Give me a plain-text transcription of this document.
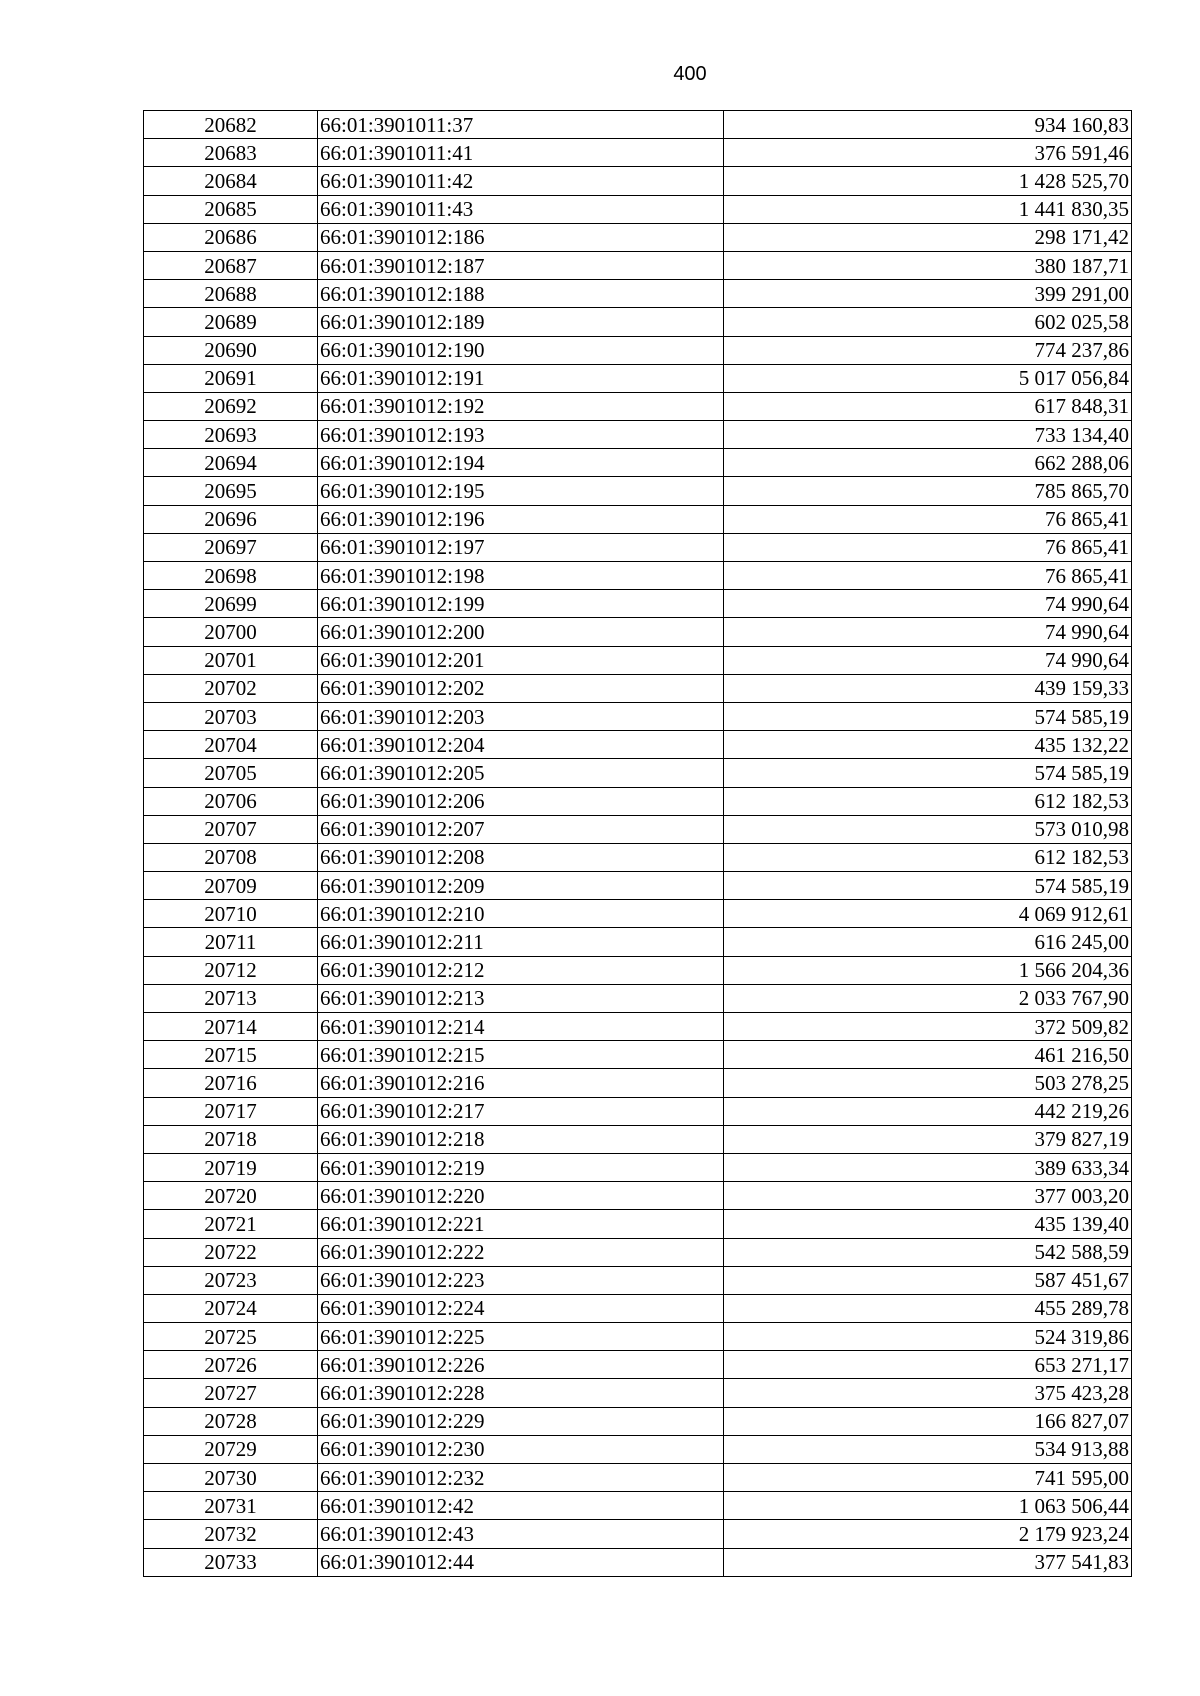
400
20682	66:01:3901011:37	934 160,83
20683	66:01:3901011:41	376 591,46
20684	66:01:3901011:42	1 428 525,70
20685	66:01:3901011:43	1 441 830,35
20686	66:01:3901012:186	298 171,42
20687	66:01:3901012:187	380 187,71
20688	66:01:3901012:188	399 291,00
20689	66:01:3901012:189	602 025,58
20690	66:01:3901012:190	774 237,86
20691	66:01:3901012:191	5 017 056,84
20692	66:01:3901012:192	617 848,31
20693	66:01:3901012:193	733 134,40
20694	66:01:3901012:194	662 288,06
20695	66:01:3901012:195	785 865,70
20696	66:01:3901012:196	76 865,41
20697	66:01:3901012:197	76 865,41
20698	66:01:3901012:198	76 865,41
20699	66:01:3901012:199	74 990,64
20700	66:01:3901012:200	74 990,64
20701	66:01:3901012:201	74 990,64
20702	66:01:3901012:202	439 159,33
20703	66:01:3901012:203	574 585,19
20704	66:01:3901012:204	435 132,22
20705	66:01:3901012:205	574 585,19
20706	66:01:3901012:206	612 182,53
20707	66:01:3901012:207	573 010,98
20708	66:01:3901012:208	612 182,53
20709	66:01:3901012:209	574 585,19
20710	66:01:3901012:210	4 069 912,61
20711	66:01:3901012:211	616 245,00
20712	66:01:3901012:212	1 566 204,36
20713	66:01:3901012:213	2 033 767,90
20714	66:01:3901012:214	372 509,82
20715	66:01:3901012:215	461 216,50
20716	66:01:3901012:216	503 278,25
20717	66:01:3901012:217	442 219,26
20718	66:01:3901012:218	379 827,19
20719	66:01:3901012:219	389 633,34
20720	66:01:3901012:220	377 003,20
20721	66:01:3901012:221	435 139,40
20722	66:01:3901012:222	542 588,59
20723	66:01:3901012:223	587 451,67
20724	66:01:3901012:224	455 289,78
20725	66:01:3901012:225	524 319,86
20726	66:01:3901012:226	653 271,17
20727	66:01:3901012:228	375 423,28
20728	66:01:3901012:229	166 827,07
20729	66:01:3901012:230	534 913,88
20730	66:01:3901012:232	741 595,00
20731	66:01:3901012:42	1 063 506,44
20732	66:01:3901012:43	2 179 923,24
20733	66:01:3901012:44	377 541,83
